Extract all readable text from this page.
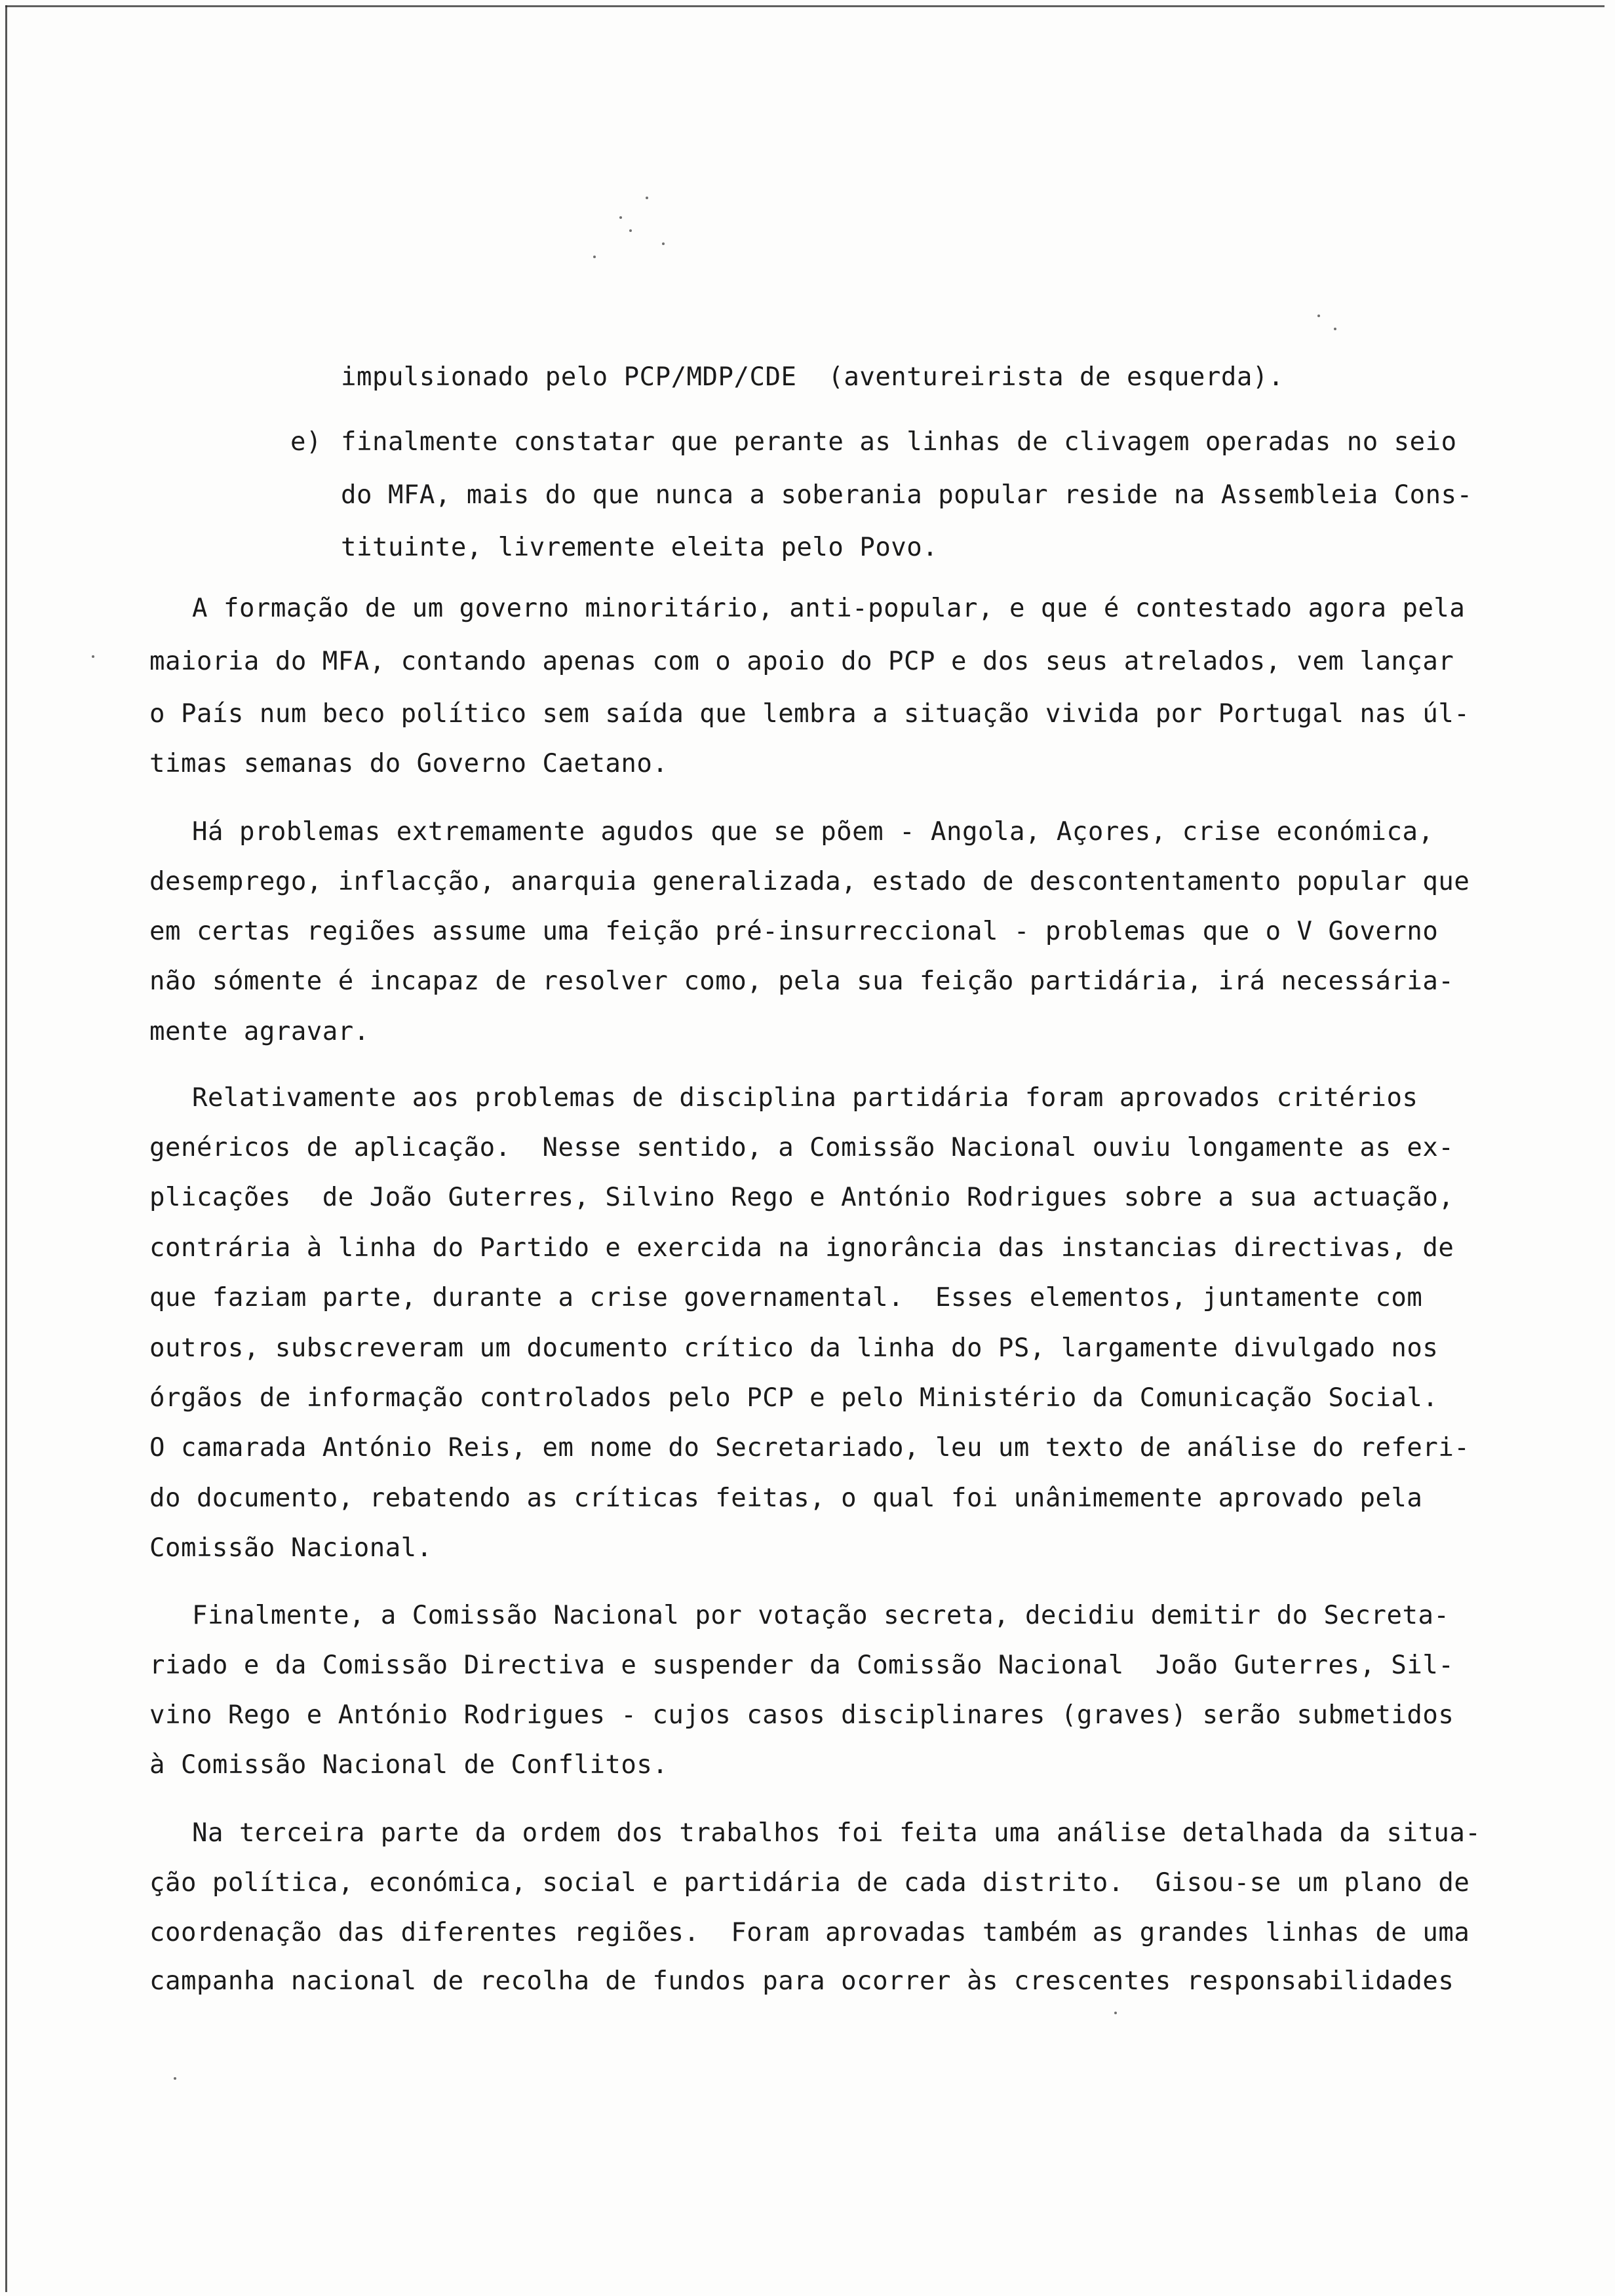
impulsionado pelo PCP/MDP/CDE  (aventureirista de esquerda).
e) finalmente constatar que perante as linhas de clivagem operadas no seio
do MFA, mais do que nunca a soberania popular reside na Assembleia Cons-
tituinte, livremente eleita pelo Povo.
A formação de um governo minoritário, anti-popular, e que é contestado agora pela
maioria do MFA, contando apenas com o apoio do PCP e dos seus atrelados, vem lançar
o País num beco político sem saída que lembra a situação vivida por Portugal nas úl-
timas semanas do Governo Caetano.
Há problemas extremamente agudos que se põem - Angola, Açores, crise económica,
desemprego, inflacção, anarquia generalizada, estado de descontentamento popular que
em certas regiões assume uma feição pré-insurreccional - problemas que o V Governo
não sómente é incapaz de resolver como, pela sua feição partidária, irá necessária-
mente agravar.
Relativamente aos problemas de disciplina partidária foram aprovados critérios
genéricos de aplicação.  Nesse sentido, a Comissão Nacional ouviu longamente as ex-
plicações  de João Guterres, Silvino Rego e António Rodrigues sobre a sua actuação,
contrária à linha do Partido e exercida na ignorância das instancias directivas, de
que faziam parte, durante a crise governamental.  Esses elementos, juntamente com
outros, subscreveram um documento crítico da linha do PS, largamente divulgado nos
órgãos de informação controlados pelo PCP e pelo Ministério da Comunicação Social.
O camarada António Reis, em nome do Secretariado, leu um texto de análise do referi-
do documento, rebatendo as críticas feitas, o qual foi unânimemente aprovado pela
Comissão Nacional.
Finalmente, a Comissão Nacional por votação secreta, decidiu demitir do Secreta-
riado e da Comissão Directiva e suspender da Comissão Nacional  João Guterres, Sil-
vino Rego e António Rodrigues - cujos casos disciplinares (graves) serão submetidos
à Comissão Nacional de Conflitos.
Na terceira parte da ordem dos trabalhos foi feita uma análise detalhada da situa-
ção política, económica, social e partidária de cada distrito.  Gisou-se um plano de
coordenação das diferentes regiões.  Foram aprovadas também as grandes linhas de uma
campanha nacional de recolha de fundos para ocorrer às crescentes responsabilidades
